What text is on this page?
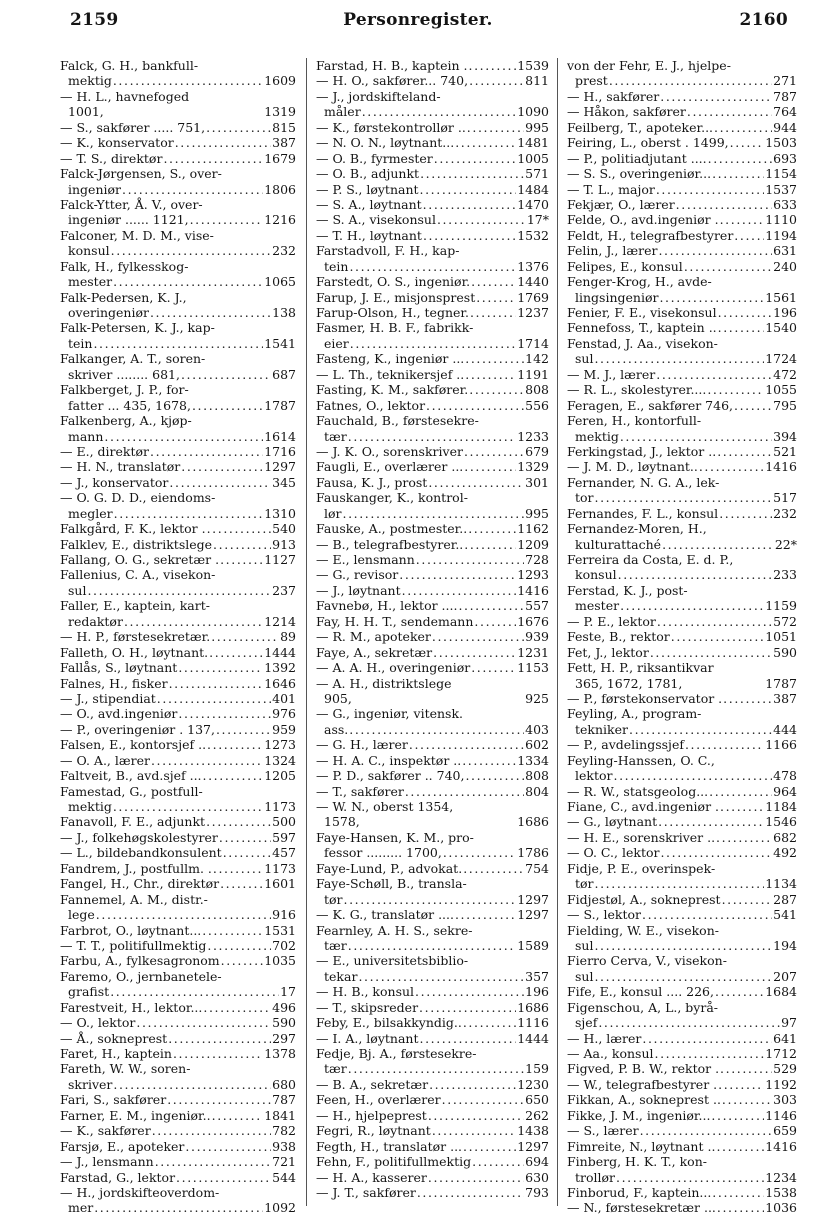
2159	Personregister.	2160
Falck, G. H., bankfull-
mektig .....	1609
— H. L., havnefoged
1001,	1319
— S., sakfører ..... 751, .....	815
— K., konservator .....	387
— T. S., direktør .....	1679
Falck-Jørgensen, S., over-
ingeniør .....	1806
Falck-Ytter, Å. V., over-
ingeniør ...... 1121, .....	1216
Falconer, M. D. M., vise-
konsul .....	232
Falk, H., fylkesskog-
mester .....	1065
Falk-Pedersen, K. J.,
overingeniør .....	138
Falk-Petersen, K. J., kap-
tein .....	1541
Falkanger, A. T., soren-
skriver ........ 681, .....	687
Falkberget, J. P., for-
fatter ... 435, 1678, .....	1787
Falkenberg, A., kjøp-
mann .....	1614
— E., direktør .....	1716
— H. N., translatør .....	1297
— J., konservator .....	345
— O. G. D. D., eiendoms-
megler .....	1310
Falkgård, F. K., lektor . .....	540
Falklev, E., distriktslege .....	913
Fallang, O. G., sekretær . .....	1127
Fallenius, C. A., visekon-
sul .....	237
Faller, E., kaptein, kart-
redaktør .....	1214
— H. P., førstesekretær. .....	89
Falleth, O. H., løytnant. .....	1444
Fallås, S., løytnant .....	1392
Falnes, H., fisker .....	1646
— J., stipendiat .....	401
— O., avd.ingeniør .....	976
— P., overingeniør . 137, .....	959
Falsen, E., kontorsjef .. .....	1273
— O. A., lærer .....	1324
Faltveit, B., avd.sjef ... .....	1205
Famestad, G., postfull-
mektig .....	1173
Fanavoll, F. E., adjunkt .....	500
— J., folkehøgskolestyrer .....	597
— L., bildebandkonsulent .....	457
Fandrem, J., postfullm. . .....	1173
Fangel, H., Chr., direktør .....	1601
Fannemel, A. M., distr.-
lege .....	916
Farbrot, O., løytnant... .....	1531
— T. T., politifullmektig .....	702
Farbu, A., fylkesagronom .....	1035
Faremo, O., jernbanetele-
grafist .....	17
Farestveit, H., lektor... .....	496
— O., lektor .....	590
— Å., sokneprest .....	297
Faret, H., kaptein .....	1378
Fareth, W. W., soren-
skriver .....	680
Fari, S., sakfører .....	787
Farner, E. M., ingeniør.. .....	1841
— K., sakfører .....	782
Farsjø, E., apoteker .....	938
— J., lensmann .....	721
Farstad, G., lektor .....	544
— H., jordskifteoverdom-
mer .....	1092
Farstad, H. B., kaptein . .....	1539
— H. O., sakfører... 740, .....	811
— J., jordskifteland-
måler .....	1090
— K., førstekontrollør .. .....	995
— N. O. N., løytnant... .....	1481
— O. B., fyrmester .....	1005
— O. B., adjunkt .....	571
— P. S., løytnant .....	1484
— S. A., løytnant .....	1470
— S. A., visekonsul .....	17*
— T. H., løytnant .....	1532
Farstadvoll, F. H., kap-
tein .....	1376
Farstedt, O. S., ingeniør. .....	1440
Farup, J. E., misjonsprest .....	1769
Farup-Olson, H., tegner. .....	1237
Fasmer, H. B. F., fabrikk-
eier .....	1714
Fasteng, K., ingeniør ... .....	142
— L. Th., teknikersjef .. .....	1191
Fasting, K. M., sakfører. .....	808
Fatnes, O., lektor .....	556
Fauchald, B., førstesekre-
tær .....	1233
— J. K. O., sorenskriver .....	679
Faugli, E., overlærer ... .....	1329
Fausa, K. J., prost .....	301
Fauskanger, K., kontrol-
lør .....	995
Fauske, A., postmester.. .....	1162
— B., telegrafbestyrer.. .....	1209
— E., lensmann .....	728
— G., revisor .....	1293
— J., løytnant .....	1416
Favnebø, H., lektor .... .....	557
Fay, H. H. T., sendemann .....	1676
— R. M., apoteker .....	939
Faye, A., sekretær .....	1231
— A. A. H., overingeniør .....	1153
— A. H., distriktslege
905,	925
— G., ingeniør, vitensk.
ass. .....	403
— G. H., lærer .....	602
— H. A. C., inspektør .. .....	1334
— P. D., sakfører .. 740, .....	808
— T., sakfører .....	804
— W. N., oberst 1354,
1578,	1686
Faye-Hansen, K. M., pro-
fessor ......... 1700, .....	1786
Faye-Lund, P., advokat. .....	754
Faye-Schøll, B., transla-
tør .....	1297
— K. G., translatør .... .....	1297
Fearnley, A. H. S., sekre-
tær .....	1589
— E., universitetsbiblio-
tekar .....	357
— H. B., konsul .....	196
— T., skipsreder .....	1686
Feby, E., bilsakkyndig.. .....	1116
— I. A., løytnant .....	1444
Fedje, Bj. A., førstesekre-
tær .....	159
— B. A., sekretær .....	1230
Feen, H., overlærer .....	650
— H., hjelpeprest .....	262
Fegri, R., løytnant .....	1438
Fegth, H., translatør ... .....	1297
Fehn, F., politifullmektig .....	694
— H. A., kasserer .....	630
— J. T., sakfører .....	793
von der Fehr, E. J., hjelpe-
prest .....	271
— H., sakfører .....	787
— Håkon, sakfører .....	764
Feilberg, T., apoteker... .....	944
Feiring, L., oberst . 1499, .....	1503
— P., politiadjutant .... .....	693
— S. S., overingeniør... .....	1154
— T. L., major .....	1537
Fekjær, O., lærer .....	633
Felde, O., avd.ingeniør . .....	1110
Feldt, H., telegrafbestyrer .....	1194
Felin, J., lærer .....	631
Felipes, E., konsul .....	240
Fenger-Krog, H., avde-
lingsingeniør .....	1561
Fenier, F. E., visekonsul .....	196
Fennefoss, T., kaptein .. .....	1540
Fenstad, J. Aa., visekon-
sul .....	1724
— M. J., lærer .....	472
— R. L., skolestyrer.... .....	1055
Feragen, E., sakfører 746, .....	795
Feren, H., kontorfull-
mektig .....	394
Ferkingstad, J., lektor .. .....	521
— J. M. D., løytnant.. .....	1416
Fernander, N. G. A., lek-
tor .....	517
Fernandes, F. L., konsul .....	232
Fernandez-Moren, H.,
kulturattaché .....	22*
Ferreira da Costa, E. d. P.,
konsul .....	233
Ferstad, K. J., post-
mester .....	1159
— P. E., lektor .....	572
Feste, B., rektor .....	1051
Fet, J., lektor .....	590
Fett, H. P., riksantikvar
365, 1672, 1781,	1787
— P., førstekonservator . .....	387
Feyling, A., program-
tekniker .....	444
— P., avdelingssjef .....	1166
Feyling-Hanssen, O. C.,
lektor .....	478
— R. W., statsgeolog... .....	964
Fiane, C., avd.ingeniør . .....	1184
— G., løytnant .....	1546
— H. E., sorenskriver .. .....	682
— O. C., lektor .....	492
Fidje, P. E., overinspek-
tør .....	1134
Fidjestøl, A., sokneprest .....	287
— S., lektor .....	541
Fielding, W. E., visekon-
sul .....	194
Fierro Cerva, V., visekon-
sul .....	207
Fife, E., konsul .... 226, .....	1684
Figenschou, A, L., byrå-
sjef .....	97
— H., lærer .....	641
— Aa., konsul .....	1712
Figved, P. B. W., rektor . .....	529
— W., telegrafbestyrer . .....	1192
Fikkan, A., sokneprest .. .....	303
Fikke, J. M., ingeniør... .....	1146
— S., lærer .....	659
Fimreite, N., løytnant .. .....	1416
Finberg, H. K. T., kon-
trollør .....	1234
Finborud, F., kaptein... .....	1538
— N., førstesekretær ... .....	1036
